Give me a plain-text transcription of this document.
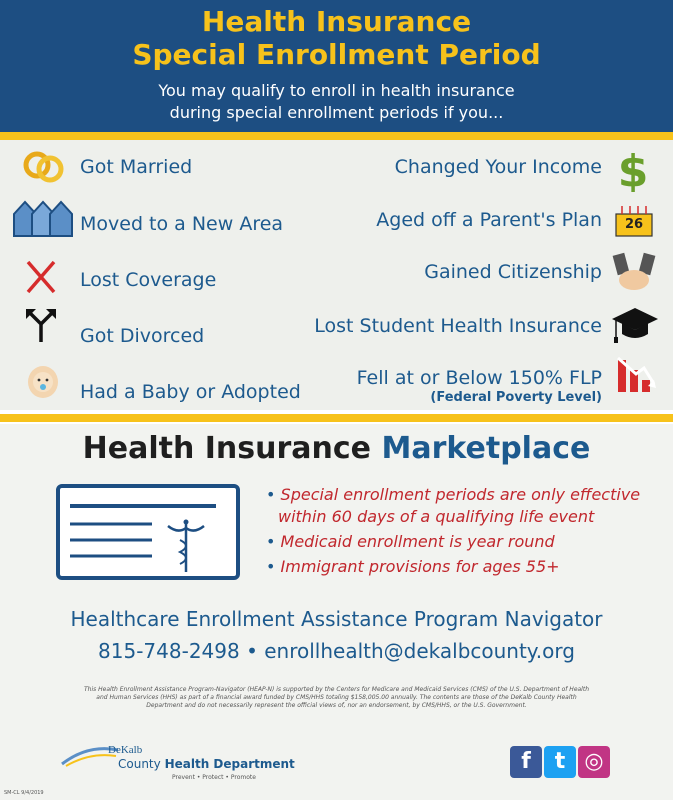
Health Insurance
Special Enrollment Period
You may qualify to enroll in health insurance
during special enrollment periods if you...
Got Married
Moved to a New Area
Lost Coverage
Got Divorced
Had a Baby or Adopted
Changed Your Income
Aged off a Parent's Plan
Gained Citizenship
Lost Student Health Insurance
Fell at or Below 150% FLP
(Federal Poverty Level)
$
26
Health Insurance Marketplace
• Special enrollment periods are only effective within 60 days of a qualifying life event
• Medicaid enrollment is year round
• Immigrant provisions for ages 55+
Healthcare Enrollment Assistance Program Navigator
815-748-2498 • enrollhealth@dekalbcounty.org
This Health Enrollment Assistance Program-Navigator (HEAP-N) is supported by the Centers for Medicare and Medicaid Services (CMS) of the U.S. Department of Health and Human Services (HHS) as part of a financial award funded by CMS/HHS totaling $158,005.00 annually. The contents are those of the DeKalb County Health Department and do not necessarily represent the official views of, nor an endorsement, by CMS/HHS, or the U.S. Government.
DeKalb
County Health Department
Prevent • Protect • Promote
SM-CL 9/4/2019
f	t ◎
